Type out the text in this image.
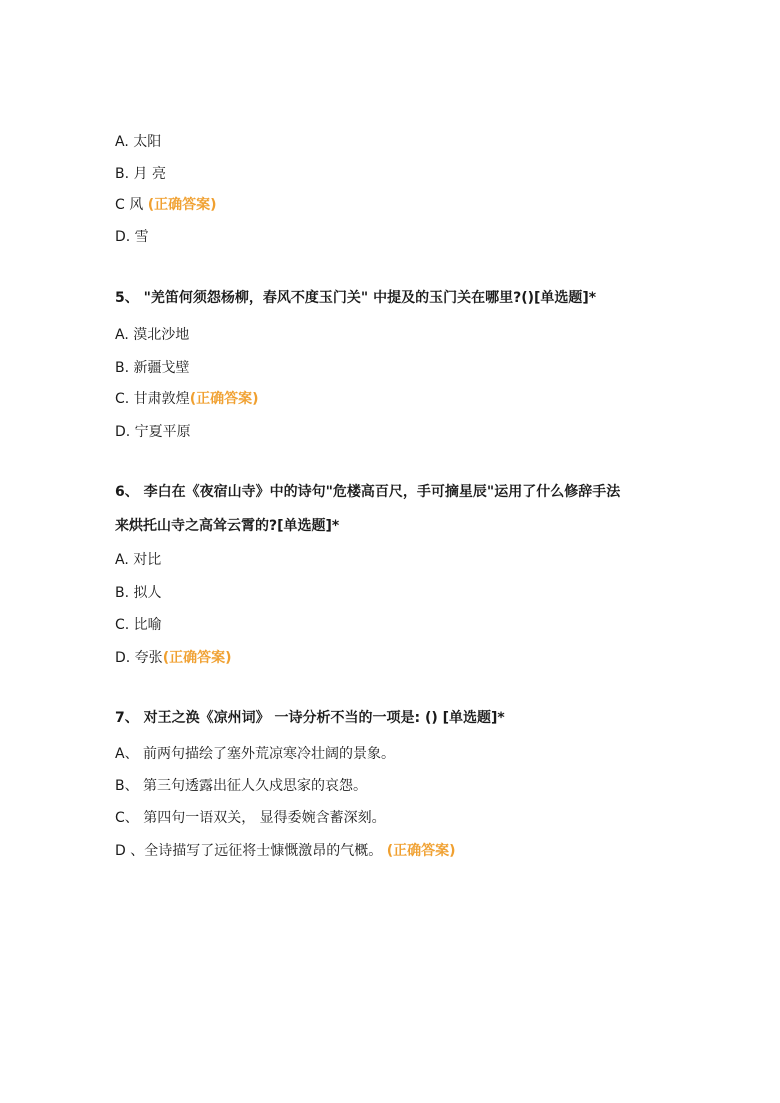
A. 太阳
B. 月 亮
C 风 (正确答案)
D. 雪
5、 "羌笛何须怨杨柳，春风不度玉门关" 中提及的玉门关在哪里?()[单选题]*
A. 漠北沙地
B. 新疆戈壁
C. 甘肃敦煌(正确答案)
D. 宁夏平原
6、 李白在《夜宿山寺》中的诗句"危楼高百尺，手可摘星辰"运用了什么修辞手法
来烘托山寺之高耸云霄的?[单选题]*
A. 对比
B. 拟人
C. 比喻
D. 夸张(正确答案)
7、 对王之涣《凉州词》 一诗分析不当的一项是: () [单选题]*
A、 前两句描绘了塞外荒凉寒冷壮阔的景象。
B、 第三句透露出征人久戍思家的哀怨。
C、 第四句一语双关， 显得委婉含蓄深刻。
D 、全诗描写了远征将士慷慨激昂的气概。 (正确答案)
